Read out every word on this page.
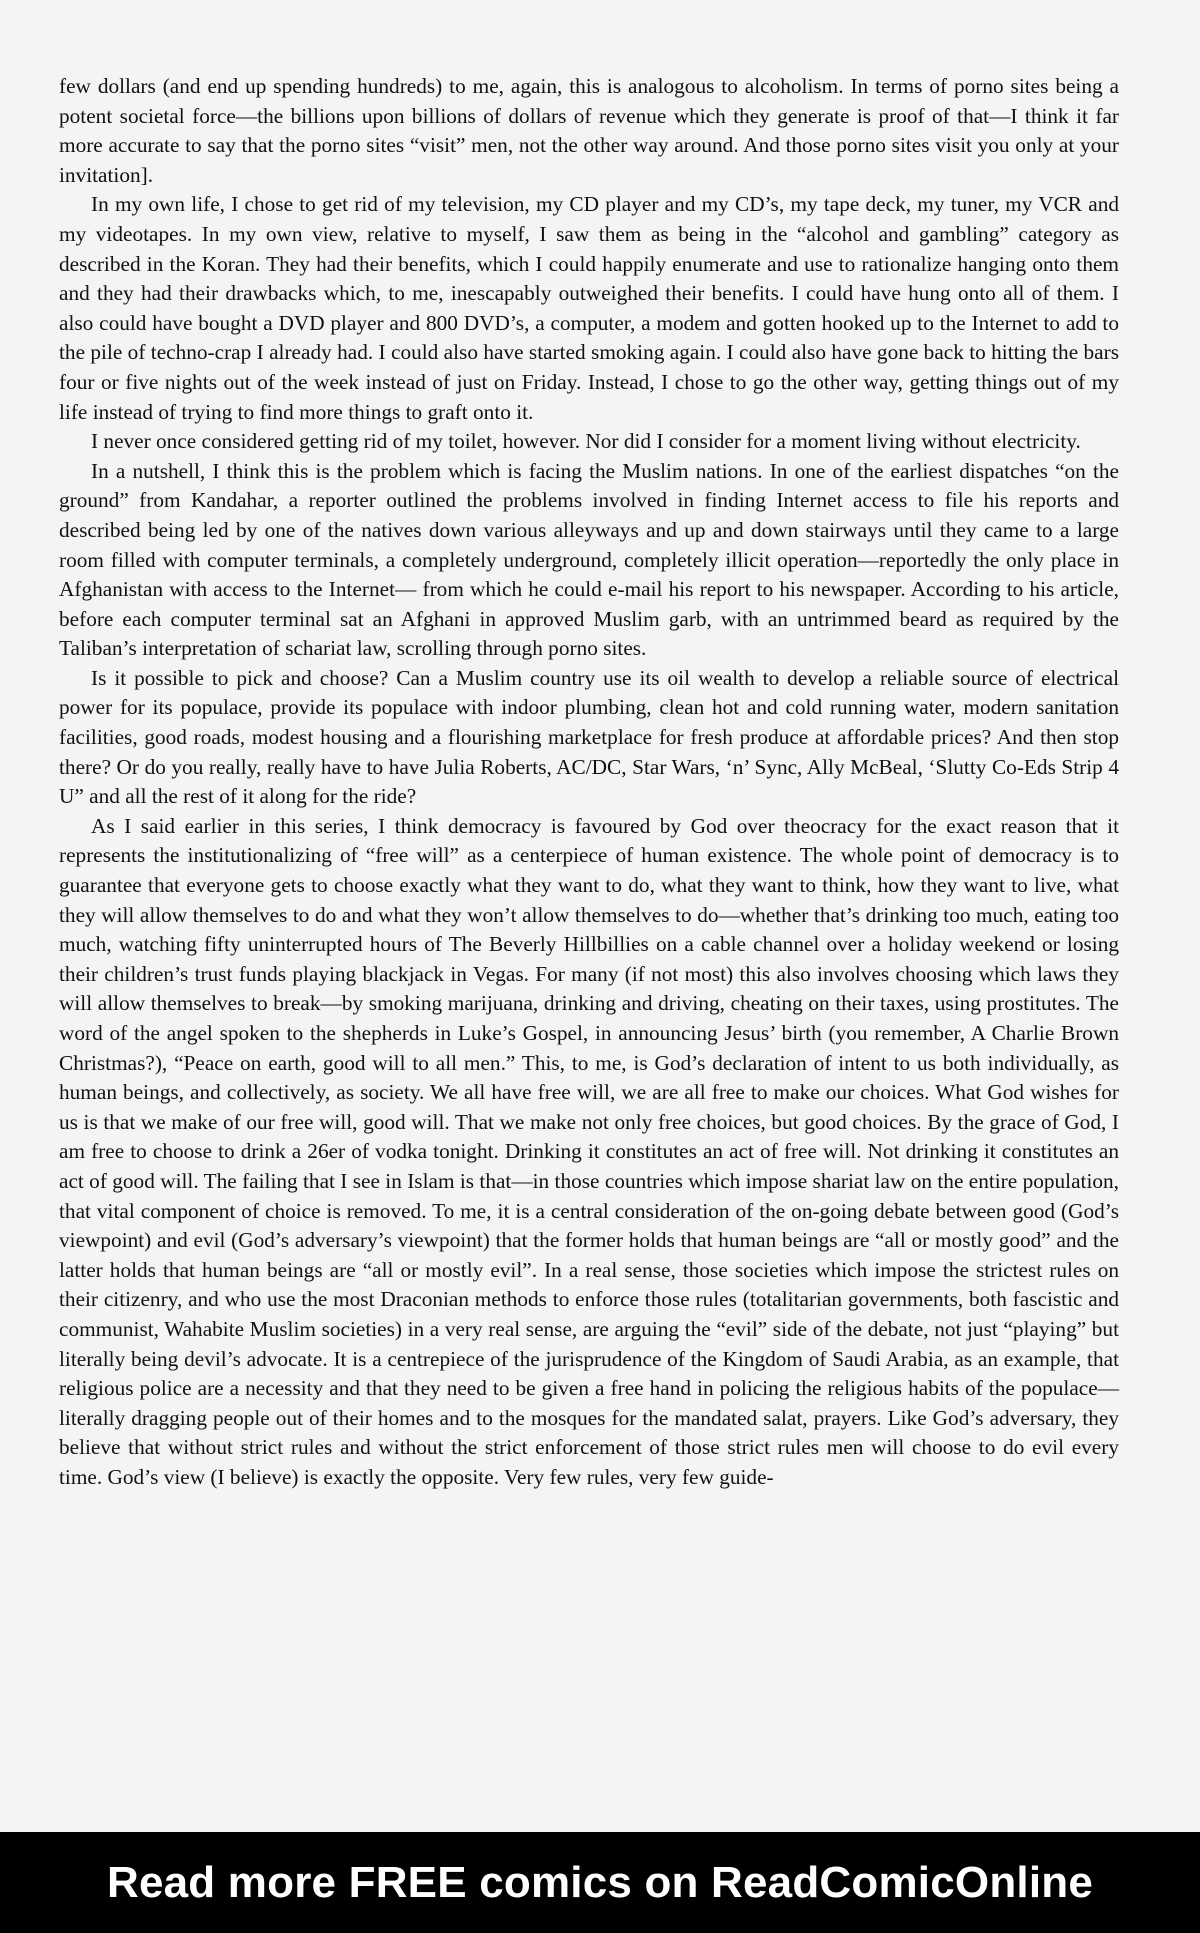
few dollars (and end up spending hundreds) to me, again, this is analogous to alcoholism. In terms of porno sites being a potent societal force—the billions upon billions of dollars of revenue which they generate is proof of that—I think it far more accurate to say that the porno sites “visit” men, not the other way around. And those porno sites visit you only at your invitation].

In my own life, I chose to get rid of my television, my CD player and my CD’s, my tape deck, my tuner, my VCR and my videotapes. In my own view, relative to myself, I saw them as being in the “alcohol and gambling” category as described in the Koran. They had their benefits, which I could happily enumerate and use to rationalize hanging onto them and they had their drawbacks which, to me, inescapably outweighed their benefits. I could have hung onto all of them. I also could have bought a DVD player and 800 DVD’s, a computer, a modem and gotten hooked up to the Internet to add to the pile of techno-crap I already had. I could also have started smoking again. I could also have gone back to hitting the bars four or five nights out of the week instead of just on Friday. Instead, I chose to go the other way, getting things out of my life instead of trying to find more things to graft onto it.

I never once considered getting rid of my toilet, however. Nor did I consider for a moment living without electricity.

In a nutshell, I think this is the problem which is facing the Muslim nations. In one of the earliest dispatches “on the ground” from Kandahar, a reporter outlined the problems involved in finding Internet access to file his reports and described being led by one of the natives down various alleyways and up and down stairways until they came to a large room filled with computer terminals, a completely underground, completely illicit operation—reportedly the only place in Afghanistan with access to the Internet— from which he could e-mail his report to his newspaper. According to his article, before each computer terminal sat an Afghani in approved Muslim garb, with an untrimmed beard as required by the Taliban’s interpretation of schariat law, scrolling through porno sites.

Is it possible to pick and choose? Can a Muslim country use its oil wealth to develop a reliable source of electrical power for its populace, provide its populace with indoor plumbing, clean hot and cold running water, modern sanitation facilities, good roads, modest housing and a flourishing marketplace for fresh produce at affordable prices? And then stop there? Or do you really, really have to have Julia Roberts, AC/DC, Star Wars, ‘n’ Sync, Ally McBeal, ‘Slutty Co-Eds Strip 4 U” and all the rest of it along for the ride?

As I said earlier in this series, I think democracy is favoured by God over theocracy for the exact reason that it represents the institutionalizing of “free will” as a centerpiece of human existence. The whole point of democracy is to guarantee that everyone gets to choose exactly what they want to do, what they want to think, how they want to live, what they will allow themselves to do and what they won’t allow themselves to do—whether that’s drinking too much, eating too much, watching fifty uninterrupted hours of The Beverly Hillbillies on a cable channel over a holiday weekend or losing their children’s trust funds playing blackjack in Vegas. For many (if not most) this also involves choosing which laws they will allow themselves to break—by smoking marijuana, drinking and driving, cheating on their taxes, using prostitutes. The word of the angel spoken to the shepherds in Luke’s Gospel, in announcing Jesus’ birth (you remember, A Charlie Brown Christmas?), “Peace on earth, good will to all men.” This, to me, is God’s declaration of intent to us both individually, as human beings, and collectively, as society. We all have free will, we are all free to make our choices. What God wishes for us is that we make of our free will, good will. That we make not only free choices, but good choices. By the grace of God, I am free to choose to drink a 26er of vodka tonight. Drinking it constitutes an act of free will. Not drinking it constitutes an act of good will. The failing that I see in Islam is that—in those countries which impose shariat law on the entire population, that vital component of choice is removed. To me, it is a central consideration of the on-going debate between good (God’s viewpoint) and evil (God’s adversary’s viewpoint) that the former holds that human beings are “all or mostly good” and the latter holds that human beings are “all or mostly evil”. In a real sense, those societies which impose the strictest rules on their citizenry, and who use the most Draconian methods to enforce those rules (totalitarian governments, both fascistic and communist, Wahabite Muslim societies) in a very real sense, are arguing the “evil” side of the debate, not just “playing” but literally being devil’s advocate. It is a centrepiece of the jurisprudence of the Kingdom of Saudi Arabia, as an example, that religious police are a necessity and that they need to be given a free hand in policing the religious habits of the populace—literally dragging people out of their homes and to the mosques for the mandated salat, prayers. Like God’s adversary, they believe that without strict rules and without the strict enforcement of those strict rules men will choose to do evil every time. God’s view (I believe) is exactly the opposite. Very few rules, very few guide-

Read more FREE comics on ReadComicOnline
